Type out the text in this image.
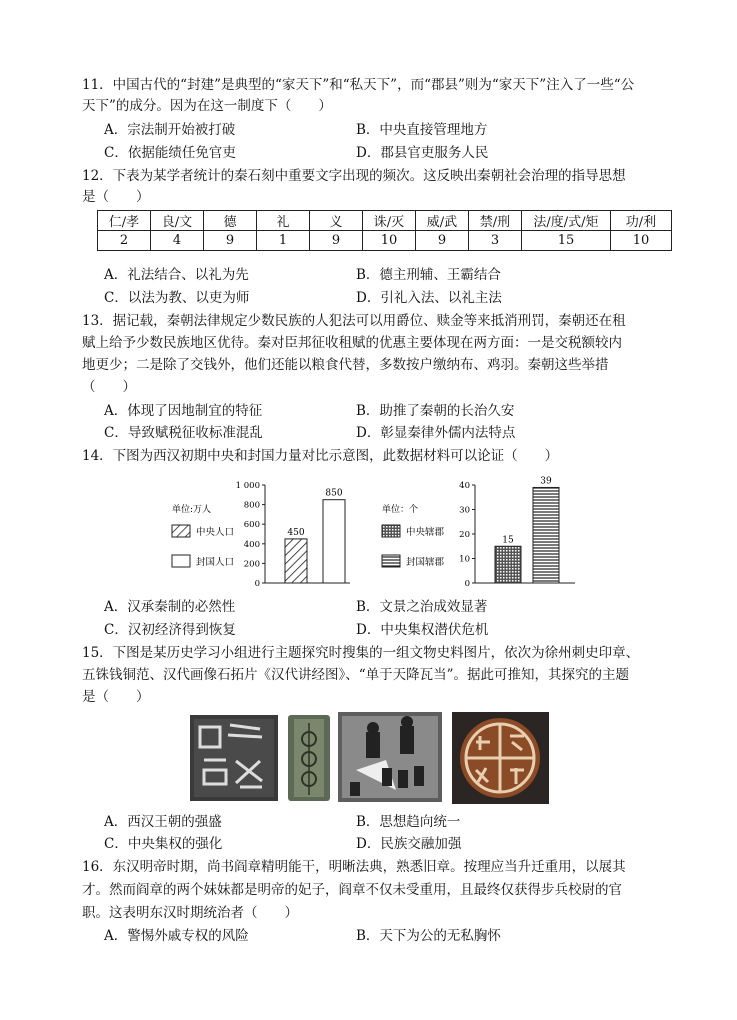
11．中国古代的“封建”是典型的“家天下”和“私天下”，而“郡县”则为“家天下”注入了一些“公
天下”的成分。因为在这一制度下（　　）
A．宗法制开始被打破	B．中央直接管理地方
C．依据能绩任免官吏	D．郡县官吏服务人民
12．下表为某学者统计的秦石刻中重要文字出现的频次。这反映出秦朝社会治理的指导思想
是（　　）
仁/孝	良/文	德	礼	义	诛/灭	威/武	禁/刑	法/度/式/矩	功/利
2	4	9	1	9	10	9	3	15	10
A．礼法结合、以礼为先	B．德主刑辅、王霸结合
C．以法为教、以吏为师	D．引礼入法、以礼主法
13．据记载，秦朝法律规定少数民族的人犯法可以用爵位、赎金等来抵消刑罚，秦朝还在租
赋上给予少数民族地区优待。秦对臣邦征收租赋的优惠主要体现在两方面：一是交税额较内
地更少；二是除了交钱外，他们还能以粮食代替，多数按户缴纳布、鸡羽。秦朝这些举措
（　　）
A．体现了因地制宜的特征	B．助推了秦朝的长治久安
C．导致赋税征收标准混乱	D．彰显秦律外儒内法特点
14．下图为西汉初期中央和封国力量对比示意图，此数据材料可以论证（　　）
单位:万人
中央人口
封国人口
1 000
800
600
400
200
0
450
850
单位：个
中央辖郡
封国辖郡
40
30
20
10
0
15
39
A．汉承秦制的必然性	B．文景之治成效显著
C．汉初经济得到恢复	D．中央集权潜伏危机
15．下图是某历史学习小组进行主题探究时搜集的一组文物史料图片，依次为徐州刺史印章、
五铢钱铜范、汉代画像石拓片《汉代讲经图》、“单于天降瓦当”。据此可推知，其探究的主题
是（　　）
A．西汉王朝的强盛	B．思想趋向统一
C．中央集权的强化	D．民族交融加强
16．东汉明帝时期，尚书阎章精明能干，明晰法典，熟悉旧章。按理应当升迁重用，以展其
才。然而阎章的两个妹妹都是明帝的妃子，阎章不仅未受重用，且最终仅获得步兵校尉的官
职。这表明东汉时期统治者（　　）
A．警惕外戚专权的风险	B．天下为公的无私胸怀
